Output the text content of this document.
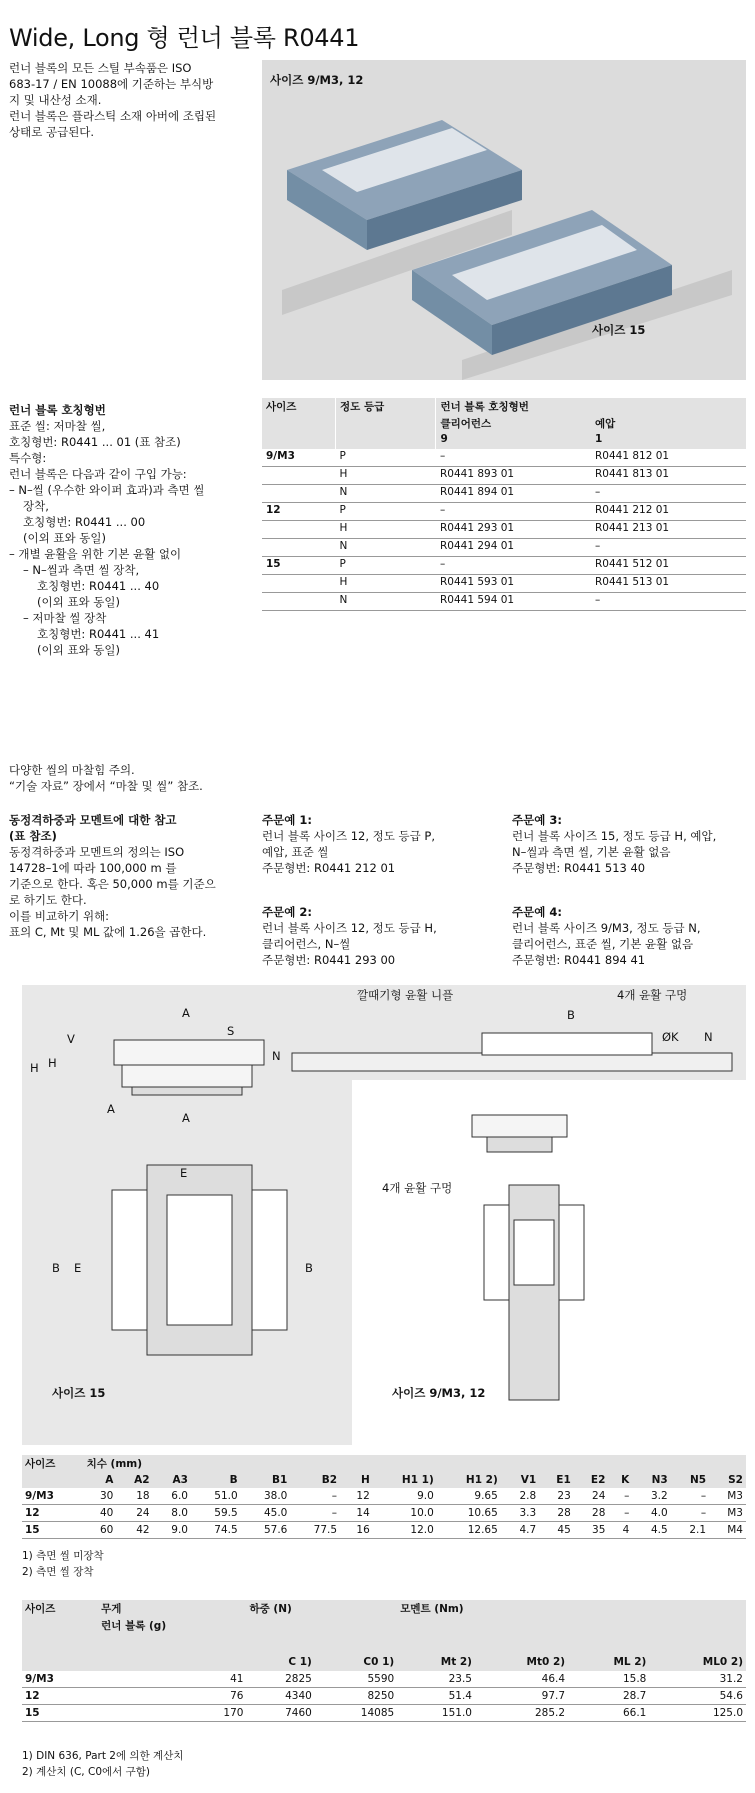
Wide, Long 형 런너 블록 R0441
런너 블록의 모든 스틸 부속품은 ISO
683-17 / EN 10088에 기준하는 부식방
지 및 내산성 소재.
런너 블록은 플라스틱 소재 아버에 조립된
상태로 공급된다.
사이즈 9/M3, 12
사이즈 15
런너 블록 호칭형번
표준 씰: 저마찰 씰,
호칭형번: R0441 ... 01 (표 참조)
특수형:
런너 블록은 다음과 같이 구입 가능:
– N–씰 (우수한 와이퍼 효과)과 측면 씰
장착,
호칭형번: R0441 ... 00
(이외 표와 동일)
– 개별 윤활을 위한 기본 윤활 없이
– N–씰과 측면 씰 장착,
호칭형번: R0441 ... 40
(이외 표와 동일)
– 저마찰 씰 장착
호칭형번: R0441 ... 41
(이외 표와 동일)
사이즈	정도 등급	런너 블록 호칭형번	
		클리어런스	예압
		9	1
9/M3	P	–	R0441 812 01
	H	R0441 893 01	R0441 813 01
	N	R0441 894 01	–
12	P	–	R0441 212 01
	H	R0441 293 01	R0441 213 01
	N	R0441 294 01	–
15	P	–	R0441 512 01
	H	R0441 593 01	R0441 513 01
	N	R0441 594 01	–
다양한 씰의 마찰힘 주의.
“기술 자료” 장에서 “마찰 및 씰” 참조.
동정격하중과 모멘트에 대한 참고
(표 참조)
동정격하중과 모멘트의 정의는 ISO
14728–1에 따라 100,000 m 를
기준으로 한다. 혹은 50,000 m를 기준으
로 하기도 한다.
이를 비교하기 위해:
표의 C, Mt 및 ML 값에 1.26을 곱한다.
주문예 1:
런너 블록 사이즈 12, 정도 등급 P,
예압, 표준 씰
주문형번: R0441 212 01
주문예 2:
런너 블록 사이즈 12, 정도 등급 H,
클리어런스, N–씰
주문형번: R0441 293 00
주문예 3:
런너 블록 사이즈 15, 정도 등급 H, 예압,
N–씰과 측면 씰, 기본 윤활 없음
주문형번: R0441 513 40
주문예 4:
런너 블록 사이즈 9/M3, 정도 등급 N,
클리어런스, 표준 씰, 기본 윤활 없음
주문형번: R0441 894 41
A
S
V
H H	N
A
A
깔때기형 윤활 니플	4개 윤활 구멍
B
ØK N
E
B E	B
사이즈 15
4개 윤활 구멍
사이즈 9/M3, 12
사이즈	치수 (mm)															
	A	A2	A3	B	B1	B2	H	H1 1)	H1 2)	V1	E1	E2	K	N3	N5	S2
9/M3	30	18	6.0	51.0	38.0	–	12	9.0	9.65	2.8	23	24	–	3.2	–	M3
12	40	24	8.0	59.5	45.0	–	14	10.0	10.65	3.3	28	28	–	4.0	–	M3
15	60	42	9.0	74.5	57.6	77.5	16	12.0	12.65	4.7	45	35	4	4.5	2.1	M4
1) 측면 씰 미장착
2) 측면 씰 장착
사이즈	무게	하중 (N)		모멘트 (Nm)			
	런너 블록 (g)						
		C 1)	C0 1)	Mt 2)	Mt0 2)	ML 2)	ML0 2)
9/M3	41	2825	5590	23.5	46.4	15.8	31.2
12	76	4340	8250	51.4	97.7	28.7	54.6
15	170	7460	14085	151.0	285.2	66.1	125.0
1) DIN 636, Part 2에 의한 계산치
2) 계산치 (C, C0에서 구함)
